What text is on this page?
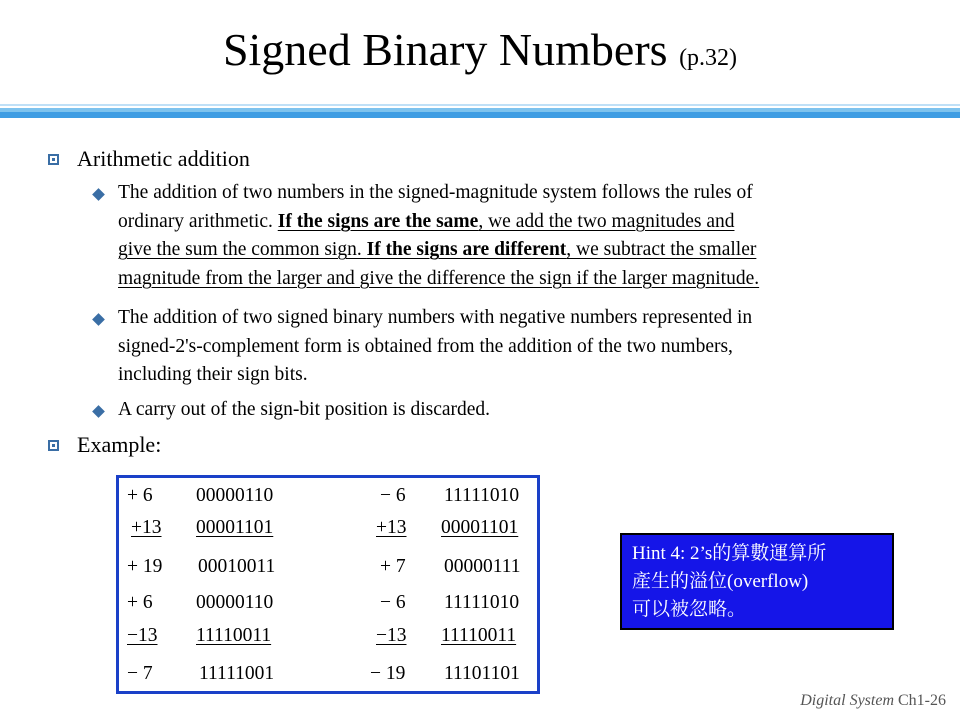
Signed Binary Numbers (p.32)
Arithmetic addition
The addition of two numbers in the signed-magnitude system follows the rules of
ordinary arithmetic. If the signs are the same, we add the two magnitudes and
give the sum the common sign. If the signs are different, we subtract the smaller
magnitude from the larger and give the difference the sign if the larger magnitude.
The addition of two signed binary numbers with negative numbers represented in
signed-2's-complement form is obtained from the addition of the two numbers,
including their sign bits.
A carry out of the sign-bit position is discarded.
Example:
+ 6 00000110
+13 00001101
+ 19 00010011
+ 6 00000110
−13 11110011
− 7 11111001
− 6 11111010
+13 00001101
+ 7 00000111
− 6 11111010
−13 11110011
− 19 11101101
Hint 4: 2’s的算數運算所
產生的溢位(overflow)
可以被忽略。
Digital System Ch1-26
